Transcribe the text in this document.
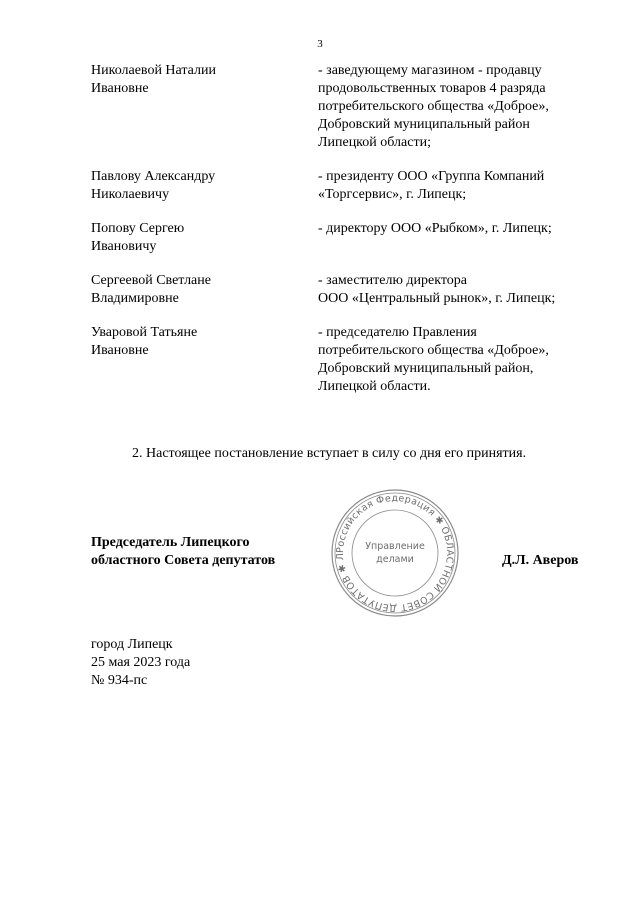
3
Николаевой Наталии
Ивановне
- заведующему магазином - продавцу
продовольственных товаров 4 разряда
потребительского общества «Доброе»,
Добровский муниципальный район
Липецкой области;
Павлову Александру
Николаевичу
- президенту ООО «Группа Компаний
«Торгсервис», г. Липецк;
Попову Сергею
Ивановичу
- директору ООО «Рыбком», г. Липецк;
Сергеевой Светлане
Владимировне
- заместителю директора
ООО «Центральный рынок», г. Липецк;
Уваровой Татьяне
Ивановне
- председателю Правления
потребительского общества «Доброе»,
Добровский муниципальный район,
Липецкой области.
2. Настоящее постановление вступает в силу со дня его принятия.
Председатель Липецкого
областного Совета депутатов
Российская Федерация ✱ ОБЛАСТНОЙ СОВЕТ ДЕПУТАТОВ ✱ Л
Управление
делами	Д.Л. Аверов
город Липецк
25 мая 2023 года
№ 934-пс
